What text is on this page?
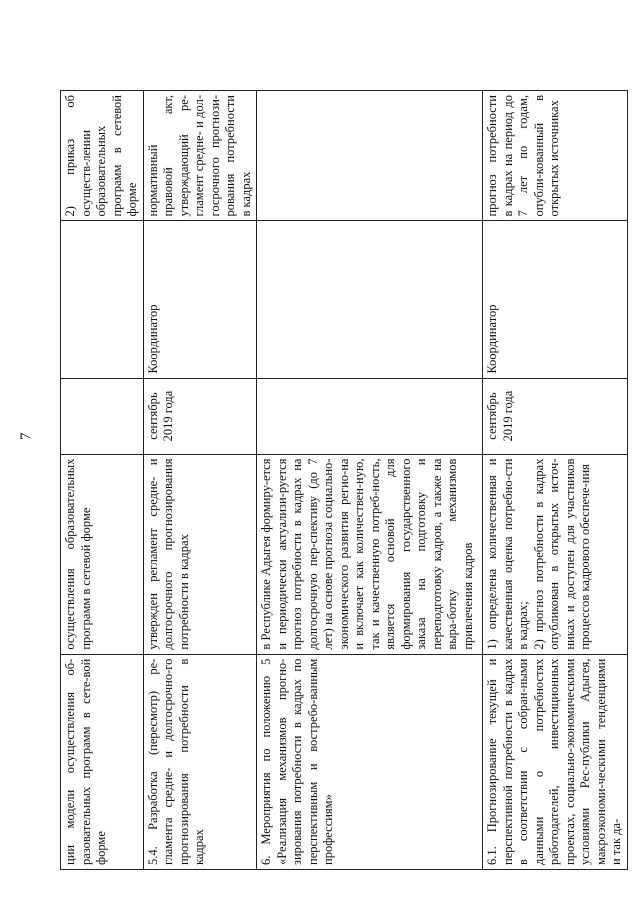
7
ции модели осуществления об-разовательных программ в сете-вой форме	осуществления образовательных программ в сетевой форме			2) приказ об осуществ-лении образовательных программ в сетевой форме
5.4. Разработка (пересмотр) ре-гламента средне- и долгосрочно-го прогнозирования потребности в кадрах	утвержден регламент средне- и долгосрочного прогнозирования потребности в кадрах	сентябрь 2019 года	Координатор	нормативный правовой акт, утверждающий ре-гламент средне- и дол-госрочного прогнози-рования потребности в кадрах
6. Мероприятия по положению 5 «Реализация механизмов прогно-зирования потребности в кадрах по перспективным и востребо-ванным профессиям»	в Республике Адыгея формиру-ется и периодически актуализи-руется прогноз потребности в кадрах на долгосрочную пер-спективу (до 7 лет) на основе прогноза социально-экономического развития регио-на и включает как количествен-ную, так и качественную потреб-ность, является основой для формирования государственного заказа на подготовку и переподготовку кадров, а также на выра-ботку механизмов привлечения кадров			

6.1. Прогнозирование текущей и перспективной потребности в кадрах в соответствии с собран-ными данными о потребностях работодателей, инвестиционных проектах, социально-экономическими условиями Рес-публики Адыгея, макроэкономи-ческими тенденциями и так да-	1) определена количественная и качественная оценка потребно-сти в кадрах; 2) прогноз потребности в кадрах опубликован в открытых источ-никах и доступен для участников процессов кадрового обеспече-ния	сентябрь 2019 года	Координатор	прогноз потребности в кадрах на период до 7 лет по годам, опубли-кованный в открытых источниках
